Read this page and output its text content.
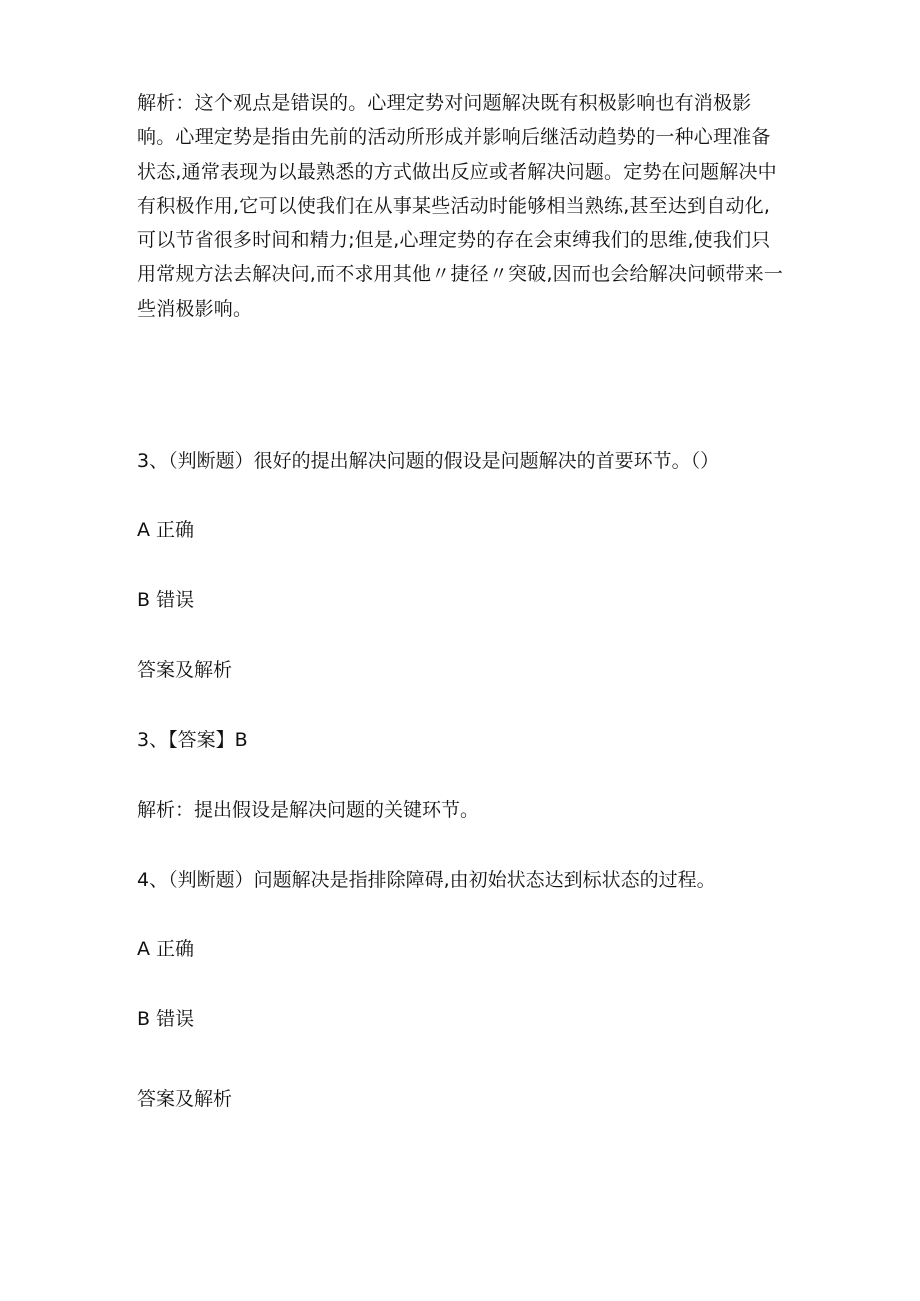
解析：这个观点是错误的。心理定势对问题解决既有积极影响也有消极影响。心理定势是指由先前的活动所形成并影响后继活动趋势的一种心理准备状态,通常表现为以最熟悉的方式做出反应或者解决问题。定势在问题解决中有积极作用,它可以使我们在从事某些活动时能够相当熟练,甚至达到自动化,可以节省很多时间和精力;但是,心理定势的存在会束缚我们的思维,使我们只用常规方法去解决问,而不求用其他〃捷径〃突破,因而也会给解决问顿带来一些消极影响。

3、（判断题）很好的提出解决问题的假设是问题解决的首要环节。（）

A 正确

B 错误

答案及解析

3、【答案】B

解析：提出假设是解决问题的关键环节。

4、（判断题）问题解决是指排除障碍,由初始状态达到标状态的过程。

A 正确

B 错误

答案及解析
